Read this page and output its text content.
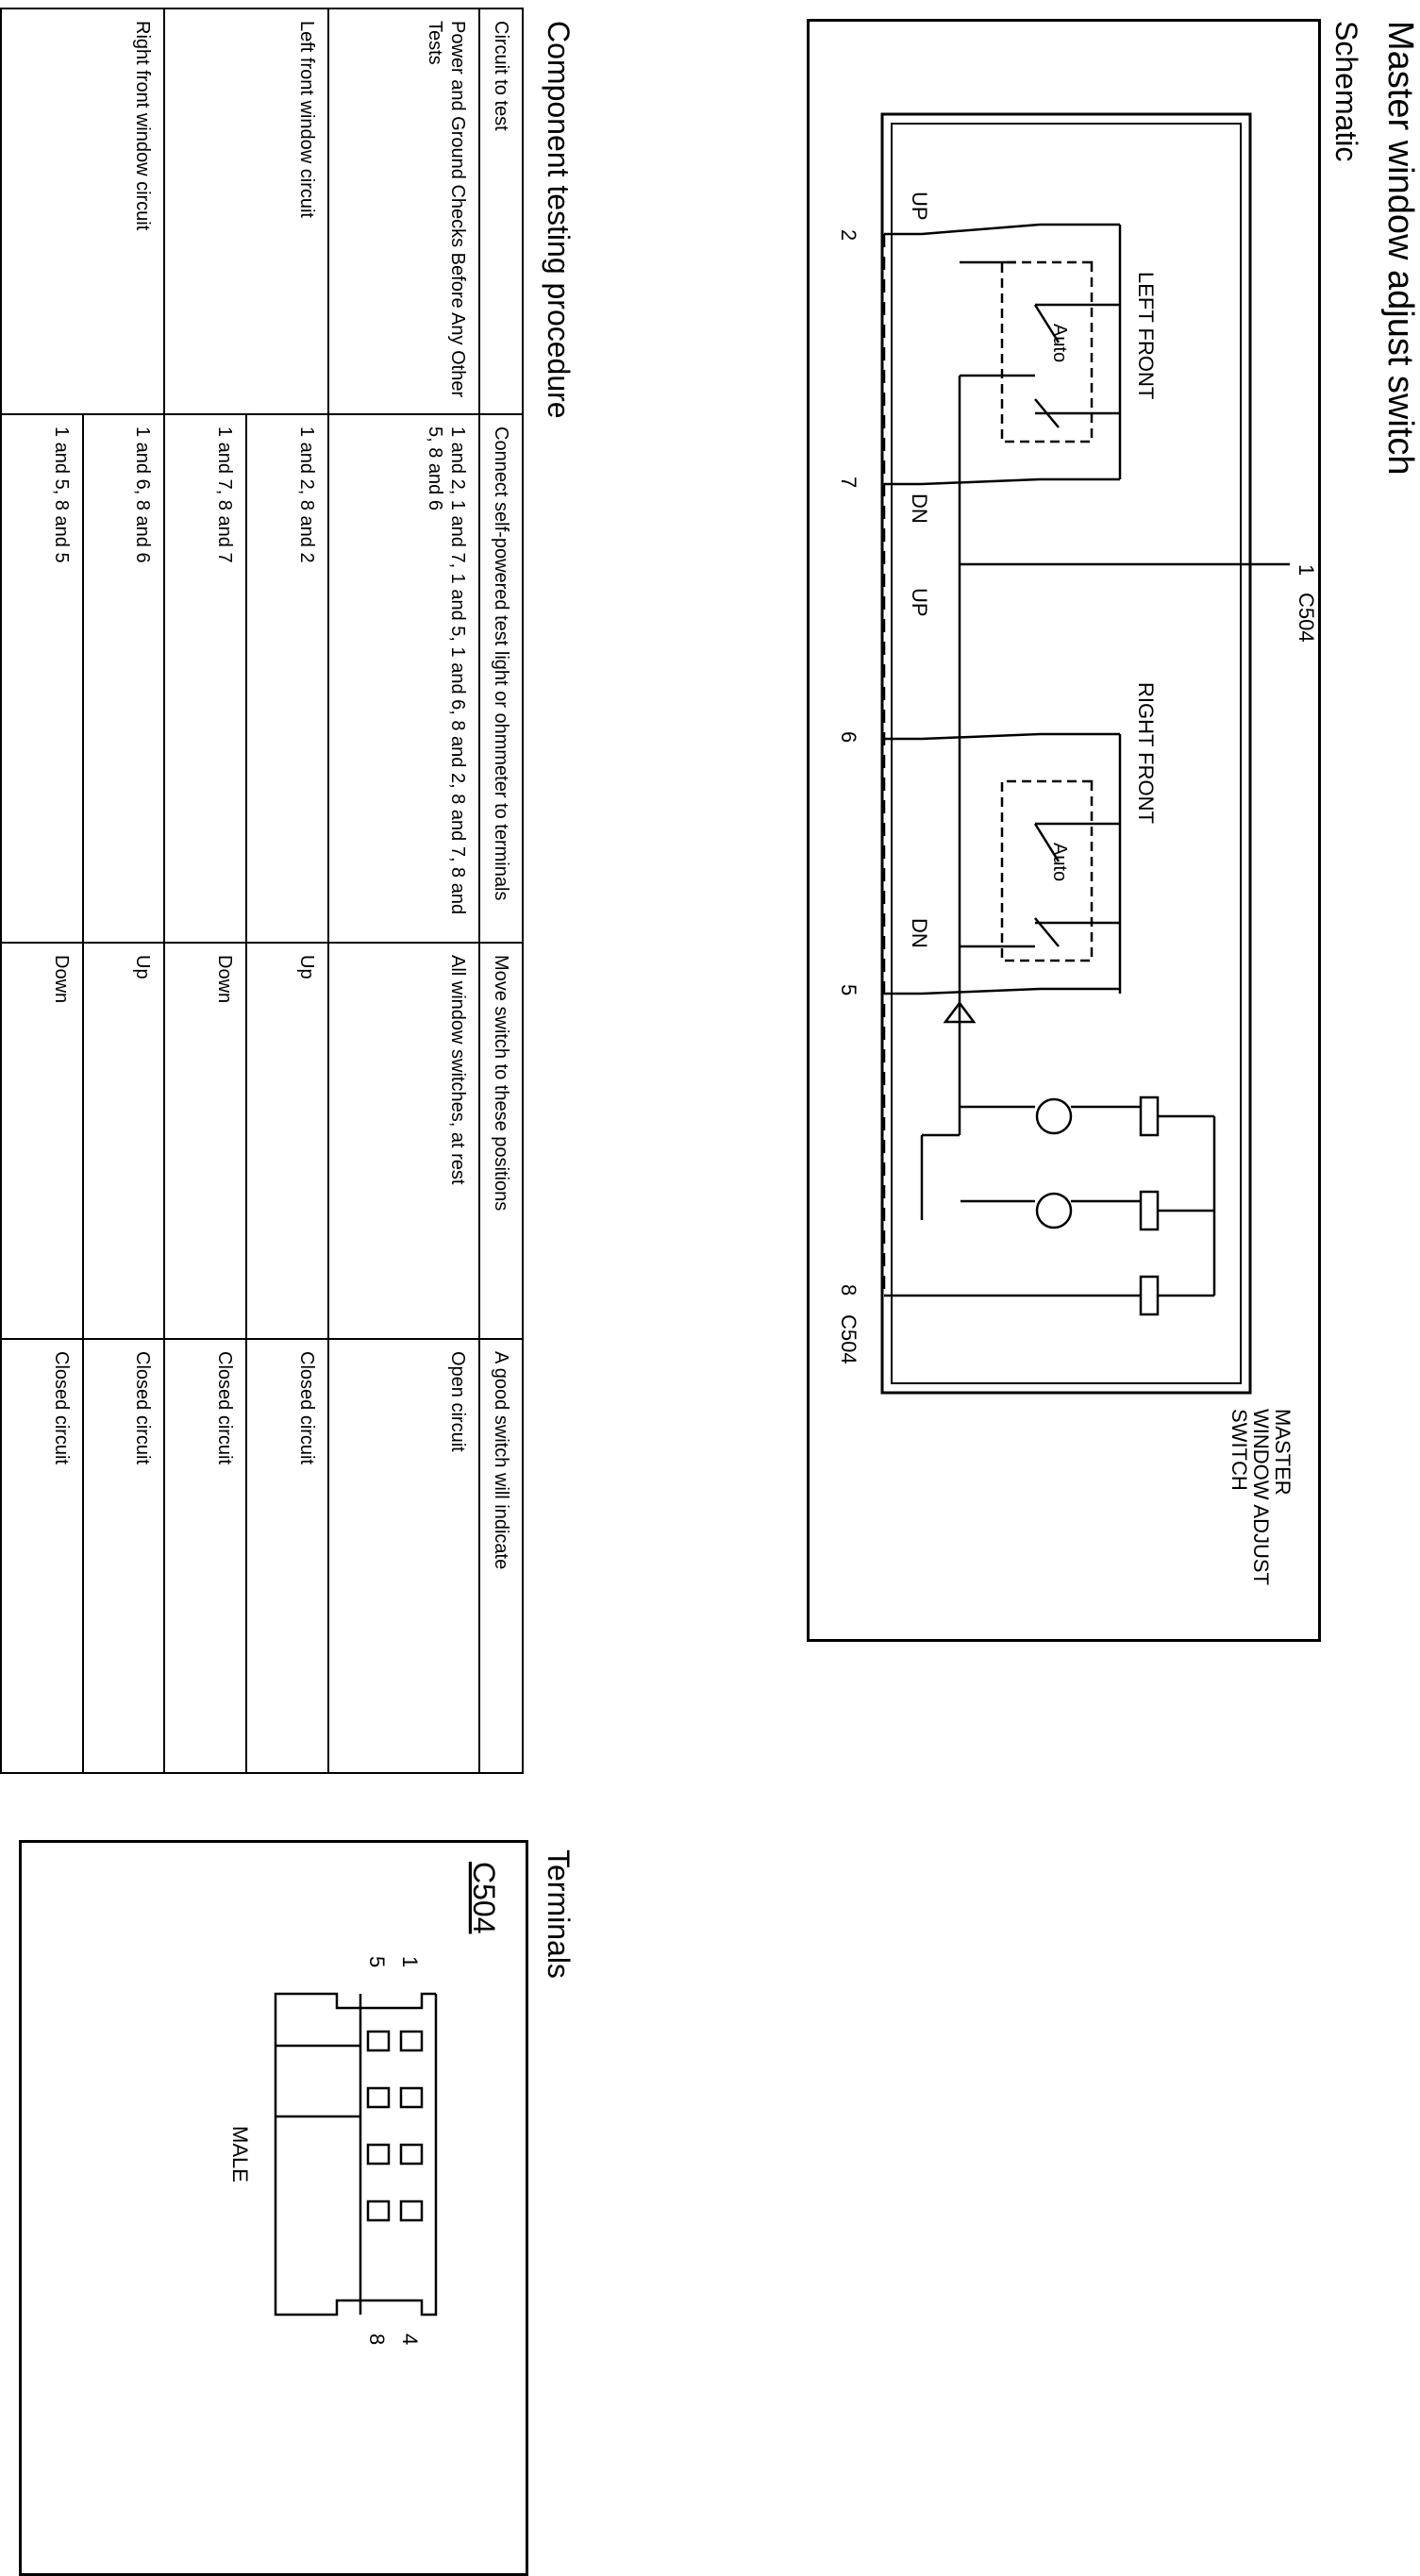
Master window adjust switch
Schematic
1
C504
2
7
6
5
8
C504
LEFT FRONT
RIGHT FRONT
Auto
Auto
UP
DN
UP
DN
MASTER
WINDOW ADJUST
SWITCH
Component testing procedure
Circuit to test	Connect self-powered test light or ohmmeter to terminals	Move switch to these positions	A good switch will indicate
Power and Ground Checks Before Any Other Tests	1 and 2, 1 and 7, 1 and 5, 1 and 6, 8 and 2, 8 and 7, 8 and 5, 8 and 6	All window switches, at rest	Open circuit
Left front window circuit	1 and 2, 8 and 2	Up	Closed circuit
	1 and 7, 8 and 7	Down	Closed circuit
Right front window circuit	1 and 6, 8 and 6	Up	Closed circuit
	1 and 5, 8 and 5	Down	Closed circuit
Terminals
C504
1
5
4
8
MALE
